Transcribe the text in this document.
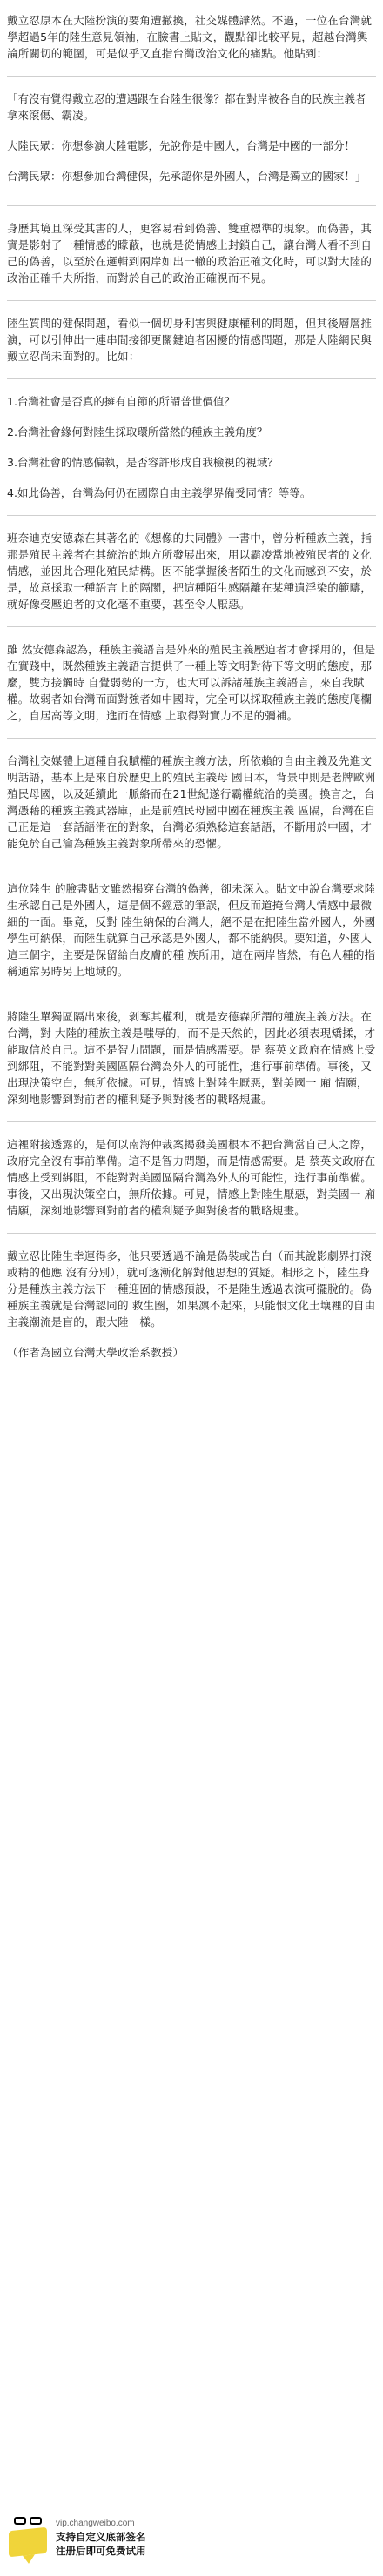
戴立忍原本在大陸扮演的要角遭撤換，社交媒體譁然。不過，一位在台灣就學超過5年的陸生意見領袖，在臉書上貼文，觀點卻比較平見，超越台灣輿論所關切的範圍，可是似乎又直指台灣政治文化的痛點。他貼到：

「有沒有覺得戴立忍的遭遇跟在台陸生很像？都在對岸被各自的民族主義者拿來滾傷、霸凌。

大陸民眾：你想參演大陸電影，先說你是中國人，台灣是中國的一部分！

台灣民眾：你想參加台灣健保，先承認你是外國人，台灣是獨立的國家！」

身歷其境且深受其害的人，更容易看到偽善、雙重標準的現象。而偽善，其實是影射了一種情感的矇蔽，也就是從情感上封鎖自己，讓台灣人看不到自己的偽善，以至於在邏輯到兩岸如出一轍的政治正確文化時，可以對大陸的政治正確千夫所指，而對於自己的政治正確視而不見。

陸生質問的健保問題，看似一個切身利害與健康權利的問題，但其後層層推演，可以引伸出一連串間接卻更關鍵迫者困擾的情感問題，那是大陸網民與戴立忍尚未面對的。比如：

1.台灣社會是否真的擁有自節的所謂普世價值？

2.台灣社會緣何對陸生採取環所當然的種族主義角度？

3.台灣社會的情感偏執，是否容許形成自我檢視的視域？

4.如此偽善，台灣為何仍在國際自由主義學界備受同情？等等。

班奈迪克安德森在其著名的《想像的共同體》一書中，曾分析種族主義，指那是殖民主義者在其統治的地方所發展出來，用以霸凌當地被殖民者的文化情感，並因此合理化殖民結構。因不能掌握後者陌生的文化而感到不安，於是，故意採取一種語言上的隔閡，把這種陌生感隔離在某種遺浮染的範疇，就好像受壓迫者的文化毫不重要，甚至令人厭惡。

雖 然安德森認為，種族主義語言是外來的殖民主義壓迫者才會採用的，但是在實踐中，既然種族主義語言提供了一種上等文明對待下等文明的態度，那麼，雙方接觸時 自覺弱勢的一方，也大可以訴諸種族主義語言，來自我賦權。故弱者如台灣而面對強者如中國時，完全可以採取種族主義的態度爬欄之，自居高等文明，進而在情感 上取得對實力不足的彌補。

台灣社交媒體上這種自我賦權的種族主義方法，所依賴的自由主義及先進文明話語，基本上是來自於歷史上的殖民主義母 國日本，背景中則是老牌歐洲殖民母國，以及延續此一脈絡而在21世紀遂行霸權統治的美國。換言之，台灣憑藉的種族主義武器庫，正是前殖民母國中國在種族主義 區隔，台灣在自己正是這一套話語滑在的對象，台灣必須熟稔這套話語，不斷用於中國，才能免於自己淪為種族主義對象所帶來的恐懼。

這位陸生 的臉書貼文雖然揭穿台灣的偽善，卻未深入。貼文中說台灣要求陸生承認自己是外國人，這是個不經意的筆誤，但反而道掩台灣人情感中最微細的一面。畢竟，反對 陸生納保的台灣人，絕不是在把陸生當外國人，外國學生可納保，而陸生就算自己承認是外國人，都不能納保。要知道，外國人這三個字，主要是保留給白皮膚的種 族所用，這在兩岸皆然，有色人種的指稱通常另時另上地域的。

將陸生單獨區隔出來後，剝奪其權利，就是安德森所謂的種族主義方法。在台灣，對 大陸的種族主義是嗤辱的，而不是天然的，因此必須表現矯揉，才能取信於自己。這不是智力問題，而是情感需要。是 蔡英文政府在情感上受到綁阻，不能對對美國區隔台灣為外人的可能性，進行事前準備。事後，又出現決策空白，無所依據。可見，情感上對陸生厭惡，對美國一 廂 情願，深刻地影響到對前者的權利疑予與對後者的戰略規畫。

這裡附接透露的，是何以南海仲裁案揭發美國根本不把台灣當自己人之際，政府完全沒有事前準備。這不是智力問題，而是情感需要。是 蔡英文政府在情感上受到綁阻，不能對對美國區隔台灣為外人的可能性，進行事前準備。事後，又出現決策空白，無所依據。可見，情感上對陸生厭惡，對美國一 廂 情願，深刻地影響到對前者的權利疑予與對後者的戰略規畫。

戴立忍比陸生幸運得多，他只要透過不論是偽裝或告白（而其說影劇界打滾或精的他應 沒有分別），就可逐漸化解對他思想的質疑。相形之下，陸生身分是種族主義方法下一種迎固的情感預設，不是陸生透過表演可擺脫的。偽種族主義就是台灣認同的 救生圈，如果凛不起來，只能恨文化土壤裡的自由主義潮流是盲的，跟大陸一樣。

（作者為國立台灣大學政治系教授）

vip.changweibo.com
支持自定义底部签名
注册后即可免费试用
